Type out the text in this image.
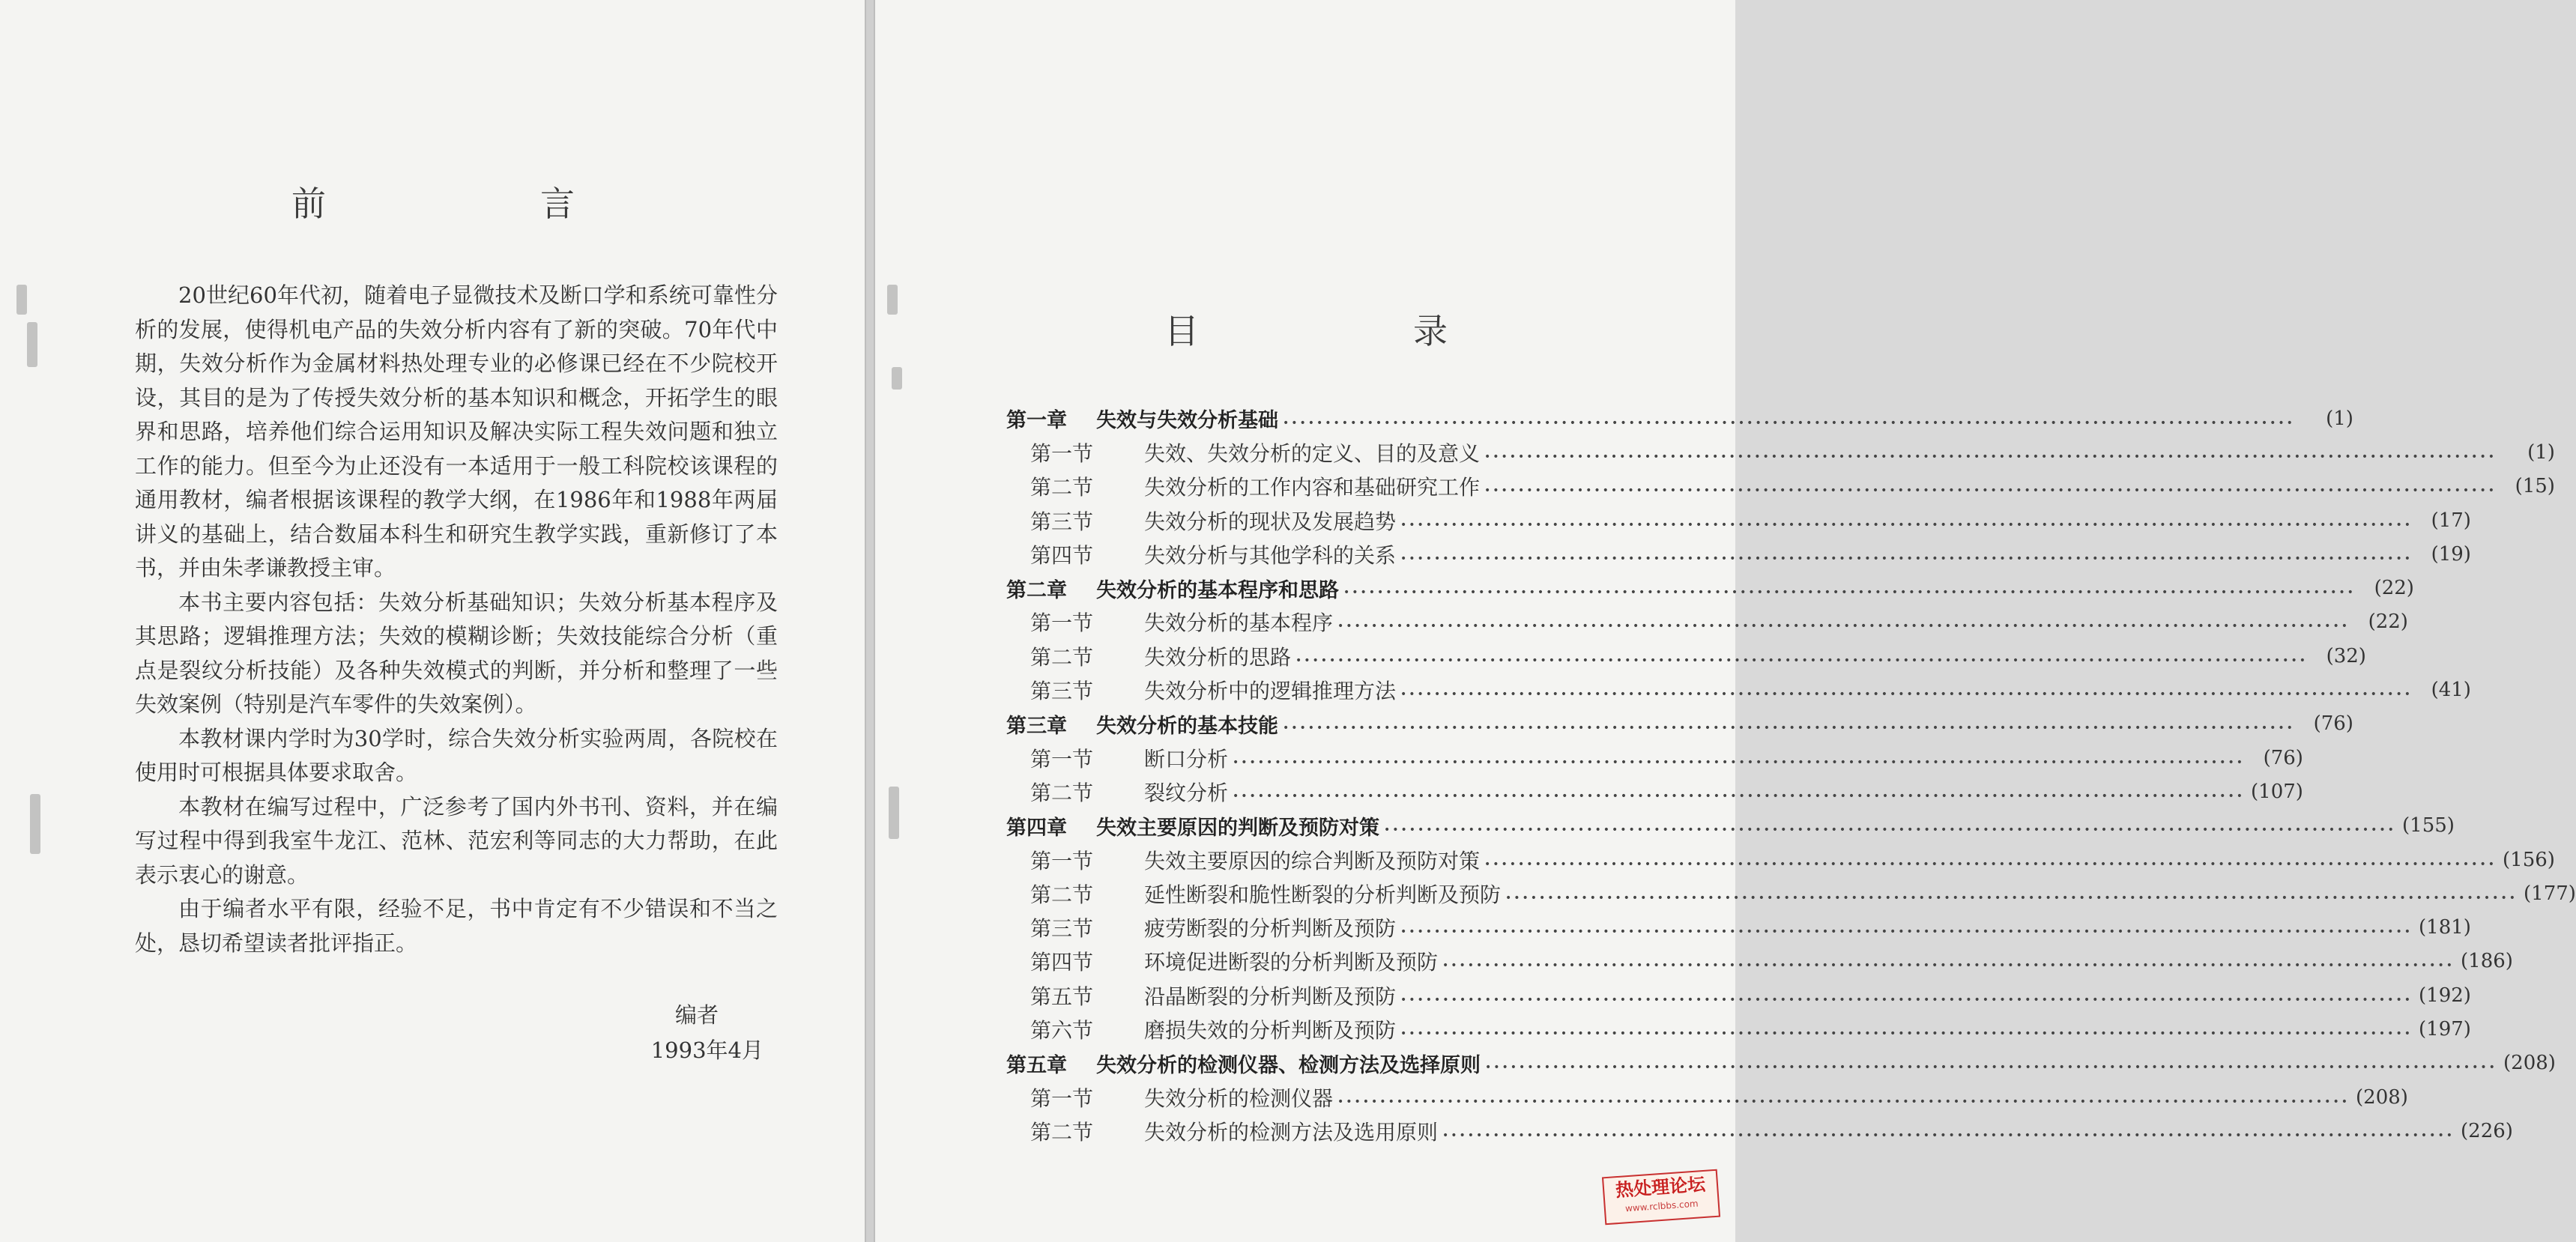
前　言

20世纪60年代初，随着电子显微技术及断口学和系统可靠性分析的发展，使得机电产品的失效分析内容有了新的突破。70年代中期，失效分析作为金属材料热处理专业的必修课已经在不少院校开设，其目的是为了传授失效分析的基本知识和概念，开拓学生的眼界和思路，培养他们综合运用知识及解决实际工程失效问题和独立工作的能力。但至今为止还没有一本适用于一般工科院校该课程的通用教材，编者根据该课程的教学大纲，在1986年和1988年两届讲义的基础上，结合数届本科生和研究生教学实践，重新修订了本书，并由朱孝谦教授主审。

本书主要内容包括：失效分析基础知识；失效分析基本程序及其思路；逻辑推理方法；失效的模糊诊断；失效技能综合分析（重点是裂纹分析技能）及各种失效模式的判断，并分析和整理了一些失效案例（特别是汽车零件的失效案例）。

本教材课内学时为30学时，综合失效分析实验两周，各院校在使用时可根据具体要求取舍。

本教材在编写过程中，广泛参考了国内外书刊、资料，并在编写过程中得到我室牛龙江、范林、范宏利等同志的大力帮助，在此表示衷心的谢意。

由于编者水平有限，经验不足，书中肯定有不少错误和不当之处，恳切希望读者批评指正。

编者
1993年4月
目　录
第一章	失效与失效分析基础 •••••	(1)
第一节	失效、失效分析的定义、目的及意义 •••••	(1)
第二节	失效分析的工作内容和基础研究工作 •••••	(15)
第三节	失效分析的现状及发展趋势 •••••	(17)
第四节	失效分析与其他学科的关系 •••••	(19)
第二章	失效分析的基本程序和思路 •••••	(22)
第一节	失效分析的基本程序 •••••	(22)
第二节	失效分析的思路 •••••	(32)
第三节	失效分析中的逻辑推理方法 •••••	(41)
第三章	失效分析的基本技能 •••••	(76)
第一节	断口分析 •••••	(76)
第二节	裂纹分析 •••••	(107)
第四章	失效主要原因的判断及预防对策 •••••	(155)
第一节	失效主要原因的综合判断及预防对策 •••••	(156)
第二节	延性断裂和脆性断裂的分析判断及预防 •••••	(177)
第三节	疲劳断裂的分析判断及预防 •••••	(181)
第四节	环境促进断裂的分析判断及预防 •••••	(186)
第五节	沿晶断裂的分析判断及预防 •••••	(192)
第六节	磨损失效的分析判断及预防 •••••	(197)
第五章	失效分析的检测仪器、检测方法及选择原则 •••••	(208)
第一节	失效分析的检测仪器 •••••	(208)
第二节	失效分析的检测方法及选用原则 •••••	(226)
热处理论坛
www.rclbbs.com
